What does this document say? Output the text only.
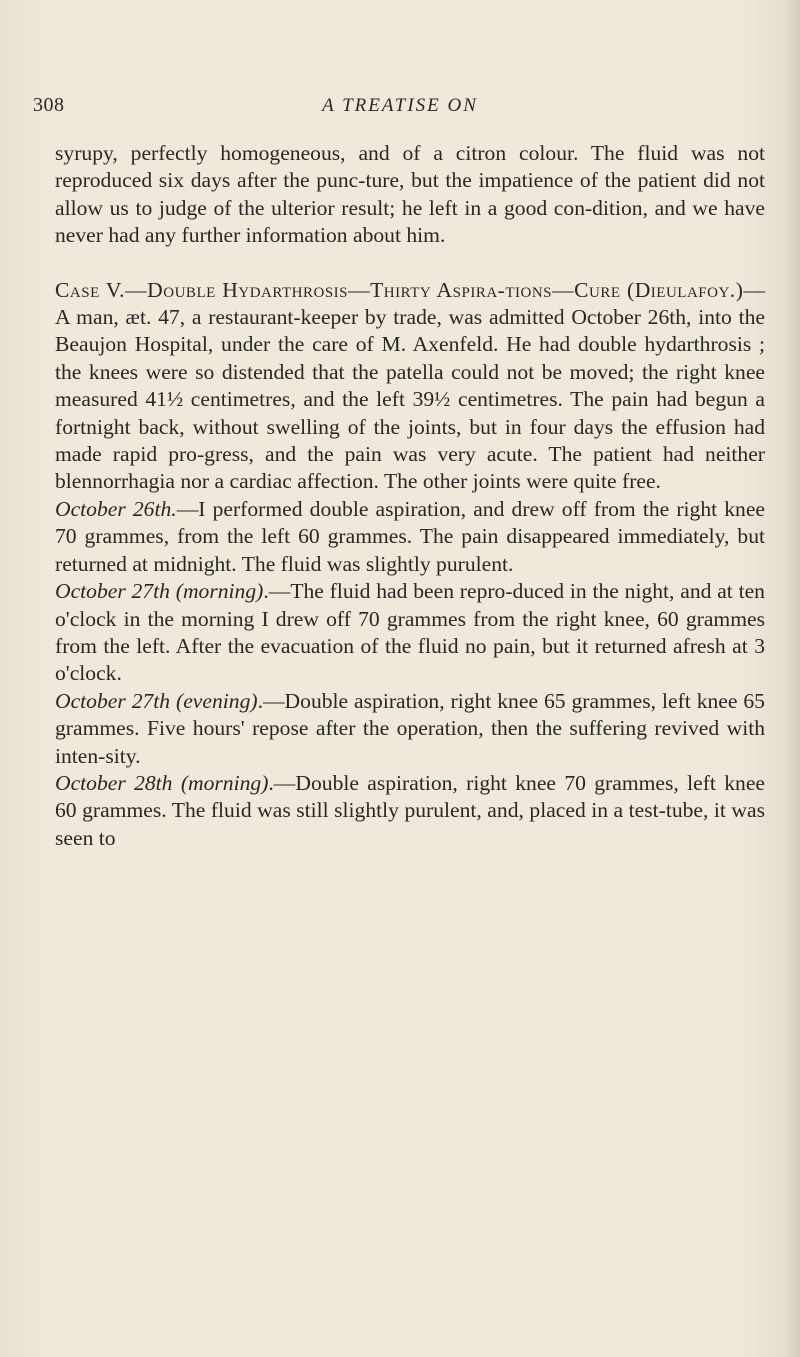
308	A TREATISE ON

syrupy, perfectly homogeneous, and of a citron colour. The fluid was not reproduced six days after the punc-ture, but the impatience of the patient did not allow us to judge of the ulterior result; he left in a good con-dition, and we have never had any further information about him.

Case V.—Double Hydarthrosis—Thirty Aspira-tions—Cure (Dieulafoy.)—A man, æt. 47, a restaurant-keeper by trade, was admitted October 26th, into the Beaujon Hospital, under the care of M. Axenfeld. He had double hydarthrosis ; the knees were so distended that the patella could not be moved; the right knee measured 41½ centimetres, and the left 39½ centimetres. The pain had begun a fortnight back, without swelling of the joints, but in four days the effusion had made rapid pro-gress, and the pain was very acute. The patient had neither blennorrhagia nor a cardiac affection. The other joints were quite free.

October 26th.—I performed double aspiration, and drew off from the right knee 70 grammes, from the left 60 grammes. The pain disappeared immediately, but returned at midnight. The fluid was slightly purulent.

October 27th (morning).—The fluid had been repro-duced in the night, and at ten o'clock in the morning I drew off 70 grammes from the right knee, 60 grammes from the left. After the evacuation of the fluid no pain, but it returned afresh at 3 o'clock.

October 27th (evening).—Double aspiration, right knee 65 grammes, left knee 65 grammes. Five hours' repose after the operation, then the suffering revived with inten-sity.

October 28th (morning).—Double aspiration, right knee 70 grammes, left knee 60 grammes. The fluid was still slightly purulent, and, placed in a test-tube, it was seen to
